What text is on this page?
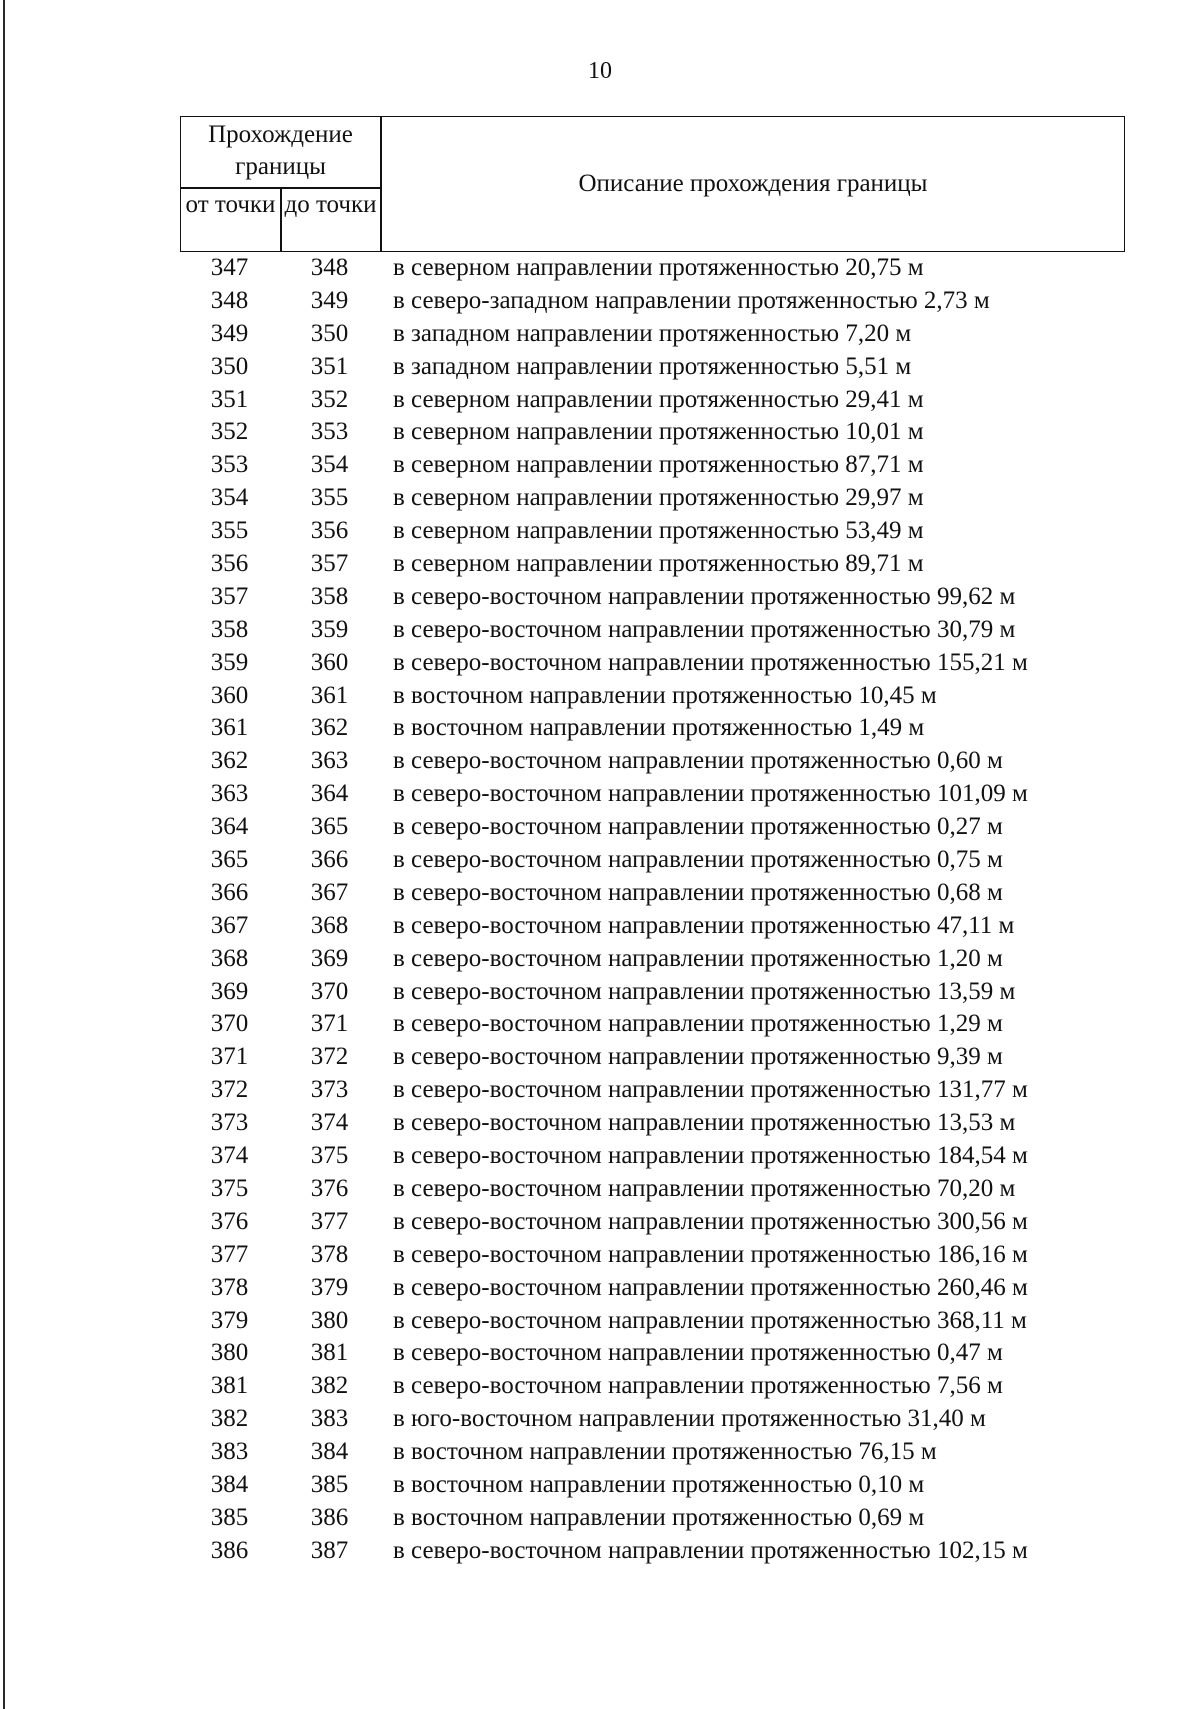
10
Прохождение границы
от точки до точки
Описание прохождения границы
347	348	в северном направлении протяженностью 20,75 м
348	349	в северо-западном направлении протяженностью 2,73 м
349	350	в западном направлении протяженностью 7,20 м
350	351	в западном направлении протяженностью 5,51 м
351	352	в северном направлении протяженностью 29,41 м
352	353	в северном направлении протяженностью 10,01 м
353	354	в северном направлении протяженностью 87,71 м
354	355	в северном направлении протяженностью 29,97 м
355	356	в северном направлении протяженностью 53,49 м
356	357	в северном направлении протяженностью 89,71 м
357	358	в северо-восточном направлении протяженностью 99,62 м
358	359	в северо-восточном направлении протяженностью 30,79 м
359	360	в северо-восточном направлении протяженностью 155,21 м
360	361	в восточном направлении протяженностью 10,45 м
361	362	в восточном направлении протяженностью 1,49 м
362	363	в северо-восточном направлении протяженностью 0,60 м
363	364	в северо-восточном направлении протяженностью 101,09 м
364	365	в северо-восточном направлении протяженностью 0,27 м
365	366	в северо-восточном направлении протяженностью 0,75 м
366	367	в северо-восточном направлении протяженностью 0,68 м
367	368	в северо-восточном направлении протяженностью 47,11 м
368	369	в северо-восточном направлении протяженностью 1,20 м
369	370	в северо-восточном направлении протяженностью 13,59 м
370	371	в северо-восточном направлении протяженностью 1,29 м
371	372	в северо-восточном направлении протяженностью 9,39 м
372	373	в северо-восточном направлении протяженностью 131,77 м
373	374	в северо-восточном направлении протяженностью 13,53 м
374	375	в северо-восточном направлении протяженностью 184,54 м
375	376	в северо-восточном направлении протяженностью 70,20 м
376	377	в северо-восточном направлении протяженностью 300,56 м
377	378	в северо-восточном направлении протяженностью 186,16 м
378	379	в северо-восточном направлении протяженностью 260,46 м
379	380	в северо-восточном направлении протяженностью 368,11 м
380	381	в северо-восточном направлении протяженностью 0,47 м
381	382	в северо-восточном направлении протяженностью 7,56 м
382	383	в юго-восточном направлении протяженностью 31,40 м
383	384	в восточном направлении протяженностью 76,15 м
384	385	в восточном направлении протяженностью 0,10 м
385	386	в восточном направлении протяженностью 0,69 м
386	387	в северо-восточном направлении протяженностью 102,15 м
